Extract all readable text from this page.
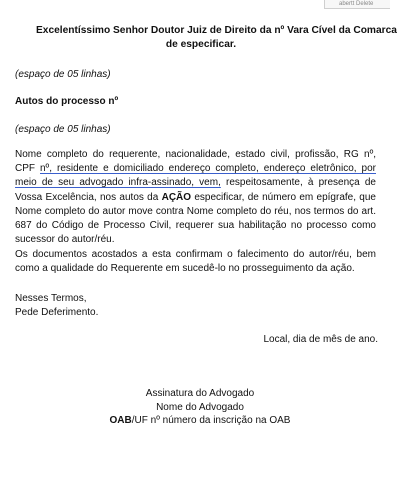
abertt Delete
Excelentíssimo Senhor Doutor Juiz de Direito da nº Vara Cível da Comarca
de especificar.
(espaço de 05 linhas)
Autos do processo nº
(espaço de 05 linhas)
Nome completo do requerente, nacionalidade, estado civil, profissão, RG nº, CPF nº, residente e domiciliado endereço completo, endereço eletrônico, por meio de seu advogado infra-assinado, vem, respeitosamente, à presença de Vossa Excelência, nos autos da AÇÃO especificar, de número em epígrafe, que Nome completo do autor move contra Nome completo do réu, nos termos do art. 687 do Código de Processo Civil, requerer sua habilitação no processo como sucessor do autor/réu.
Os documentos acostados a esta confirmam o falecimento do autor/réu, bem como a qualidade do Requerente em sucedê-lo no prosseguimento da ação.
Nesses Termos,
Pede Deferimento.
Local, dia de mês de ano.
Assinatura do Advogado
Nome do Advogado
OAB/UF nº número da inscrição na OAB
